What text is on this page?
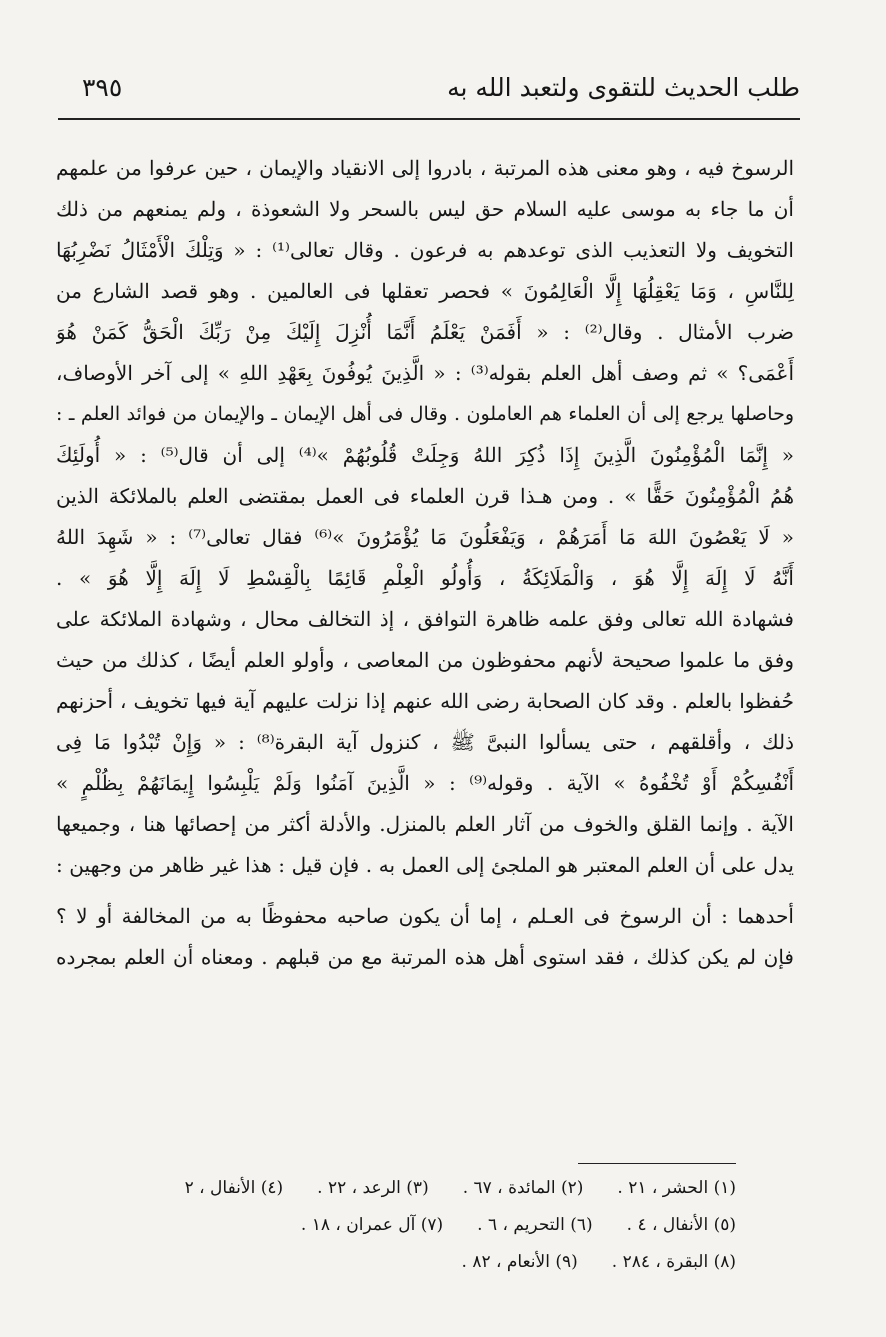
طلب الحديث للتقوى ولتعبد الله به
٣٩٥
الرسوخ فيه ، وهو معنى هذه المرتبة ، بادروا إلى الانقياد والإيمان ، حين عرفوا من علمهم
أن ما جاء به موسى عليه السلام حق ليس بالسحر ولا الشعوذة ، ولم يمنعهم من ذلك
التخويف ولا التعذيب الذى توعدهم به فرعون . وقال تعالى⁽¹⁾ : « وَتِلْكَ الْأَمْثَالُ نَضْرِبُهَا
لِلنَّاسِ ، وَمَا يَعْقِلُهَا إِلَّا الْعَالِمُونَ » فحصر تعقلها فى العالمين . وهو قصد الشارع من
ضرب الأمثال . وقال⁽²⁾ : « أَفَمَنْ يَعْلَمُ أَنَّمَا أُنْزِلَ إِلَيْكَ مِنْ رَبِّكَ الْحَقُّ كَمَنْ هُوَ
أَعْمَى؟ » ثم وصف أهل العلم بقوله⁽³⁾ : « الَّذِينَ يُوفُونَ بِعَهْدِ اللهِ » إلى آخر الأوصاف،
وحاصلها يرجع إلى أن العلماء هم العاملون . وقال فى أهل الإيمان ـ والإيمان من فوائد العلم ـ :
« إِنَّمَا الْمُؤْمِنُونَ الَّذِينَ إِذَا ذُكِرَ اللهُ وَجِلَتْ قُلُوبُهُمْ »⁽⁴⁾ إلى أن قال⁽⁵⁾ : « أُولَئِكَ
هُمُ الْمُؤْمِنُونَ حَقًّا » . ومن هـذا قرن العلماء فى العمل بمقتضى العلم بالملائكة الذين
« لَا يَعْصُونَ اللهَ مَا أَمَرَهُمْ ، وَيَفْعَلُونَ مَا يُؤْمَرُونَ »⁽⁶⁾ فقال تعالى⁽⁷⁾ : « شَهِدَ اللهُ
أَنَّهُ لَا إِلَهَ إِلَّا هُوَ ، وَالْمَلَائِكَةُ ، وَأُولُو الْعِلْمِ قَائِمًا بِالْقِسْطِ لَا إِلَهَ إِلَّا هُوَ » .
فشهادة الله تعالى وفق علمه ظاهرة التوافق ، إذ التخالف محال ، وشهادة الملائكة على
وفق ما علموا صحيحة لأنهم محفوظون من المعاصى ، وأولو العلم أيضًا ، كذلك من حيث
حُفظوا بالعلم . وقد كان الصحابة رضى الله عنهم إذا نزلت عليهم آية فيها تخويف ، أحزنهم
ذلك ، وأقلقهم ، حتى يسألوا النبىَّ ﷺ ، كنزول آية البقرة⁽⁸⁾ : « وَإِنْ تُبْدُوا مَا فِى
أَنْفُسِكُمْ أَوْ تُخْفُوهُ » الآية . وقوله⁽⁹⁾ : « الَّذِينَ آمَنُوا وَلَمْ يَلْبِسُوا إِيمَانَهُمْ بِظُلْمٍ »
الآية . وإنما القلق والخوف من آثار العلم بالمنزل. والأدلة أكثر من إحصائها هنا ، وجميعها
يدل على أن العلم المعتبر هو الملجئ إلى العمل به . فإن قيل : هذا غير ظاهر من وجهين :
أحدهما : أن الرسوخ فى العـلم ، إما أن يكون صاحبه محفوظًا به من المخالفة أو لا ؟
فإن لم يكن كذلك ، فقد استوى أهل هذه المرتبة مع من قبلهم . ومعناه أن العلم بمجرده
(١) الحشر ، ٢١ .
(٢) المائدة ، ٦٧ .
(٣) الرعد ، ٢٢ .
(٤) الأنفال ، ٢
(٥) الأنفال ، ٤ .
(٦) التحريم ، ٦ .
(٧) آل عمران ، ١٨ .
(٨) البقرة ، ٢٨٤ .
(٩) الأنعام ، ٨٢ .
